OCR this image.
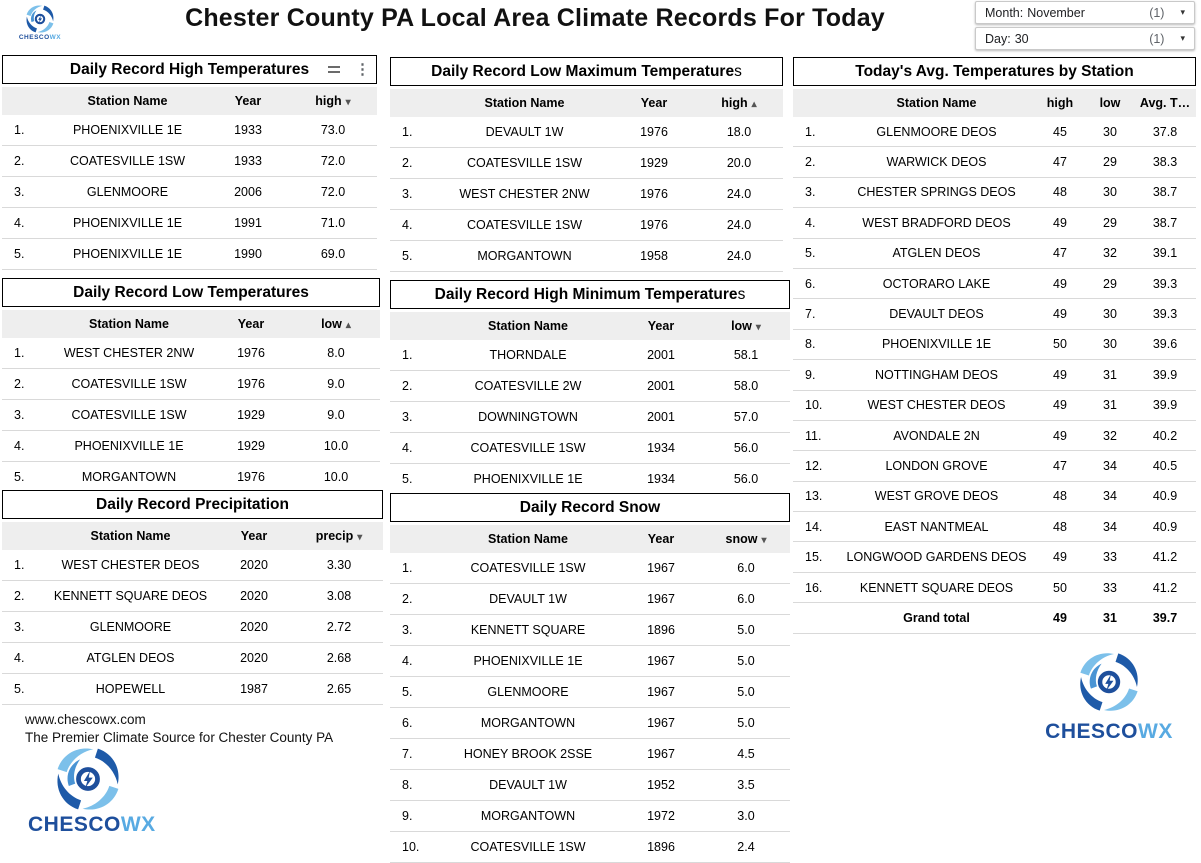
CHESCOWX
Chester County PA Local Area Climate Records For Today	Month: November	(1) ▾
Day: 30	(1) ▾
Daily Record High Temperatures	⋮
	Station Name	Year	high ▾
1.	PHOENIXVILLE 1E	1933	73.0
2.	COATESVILLE 1SW	1933	72.0
3.	GLENMOORE	2006	72.0
4.	PHOENIXVILLE 1E	1991	71.0
5.	PHOENIXVILLE 1E	1990	69.0
Daily Record Low Maximum Temperature s
	Station Name	Year	high ▴
1.	DEVAULT 1W	1976	18.0
2.	COATESVILLE 1SW	1929	20.0
3.	WEST CHESTER 2NW	1976	24.0
4.	COATESVILLE 1SW	1976	24.0
5.	MORGANTOWN	1958	24.0
Today's Avg. Temperatures by Station
	Station Name	high	low	Avg. T…
1.	GLENMOORE DEOS	45	30	37.8
2.	WARWICK DEOS	47	29	38.3
3.	CHESTER SPRINGS DEOS	48	30	38.7
4.	WEST BRADFORD DEOS	49	29	38.7
5.	ATGLEN DEOS	47	32	39.1
6.	OCTORARO LAKE	49	29	39.3
7.	DEVAULT DEOS	49	30	39.3
8.	PHOENIXVILLE 1E	50	30	39.6
9.	NOTTINGHAM DEOS	49	31	39.9
10.	WEST CHESTER DEOS	49	31	39.9
11.	AVONDALE 2N	49	32	40.2
12.	LONDON GROVE	47	34	40.5
13.	WEST GROVE DEOS	48	34	40.9
14.	EAST NANTMEAL	48	34	40.9
15.	LONGWOOD GARDENS DEOS	49	33	41.2
16.	KENNETT SQUARE DEOS	50	33	41.2
	Grand total	49	31	39.7
Daily Record Low Temperatures
	Station Name	Year	low ▴
1.	WEST CHESTER 2NW	1976	8.0
2.	COATESVILLE 1SW	1976	9.0
3.	COATESVILLE 1SW	1929	9.0
4.	PHOENIXVILLE 1E	1929	10.0
5.	MORGANTOWN	1976	10.0
Daily Record High Minimum Temperature s
	Station Name	Year	low ▾
1.	THORNDALE	2001	58.1
2.	COATESVILLE 2W	2001	58.0
3.	DOWNINGTOWN	2001	57.0
4.	COATESVILLE 1SW	1934	56.0
5.	PHOENIXVILLE 1E	1934	56.0
Daily Record Precipitation
	Station Name	Year	precip ▾
1.	WEST CHESTER DEOS	2020	3.30
2.	KENNETT SQUARE DEOS	2020	3.08
3.	GLENMOORE	2020	2.72
4.	ATGLEN DEOS	2020	2.68
5.	HOPEWELL	1987	2.65
Daily Record Snow
	Station Name	Year	snow ▾
1.	COATESVILLE 1SW	1967	6.0
2.	DEVAULT 1W	1967	6.0
3.	KENNETT SQUARE	1896	5.0
4.	PHOENIXVILLE 1E	1967	5.0
5.	GLENMOORE	1967	5.0
6.	MORGANTOWN	1967	5.0
7.	HONEY BROOK 2SSE	1967	4.5
8.	DEVAULT 1W	1952	3.5
9.	MORGANTOWN	1972	3.0
10.	COATESVILLE 1SW	1896	2.4
www.chescowx.com
The Premier Climate Source for Chester County PA
CHESCOWX
CHESCOWX
